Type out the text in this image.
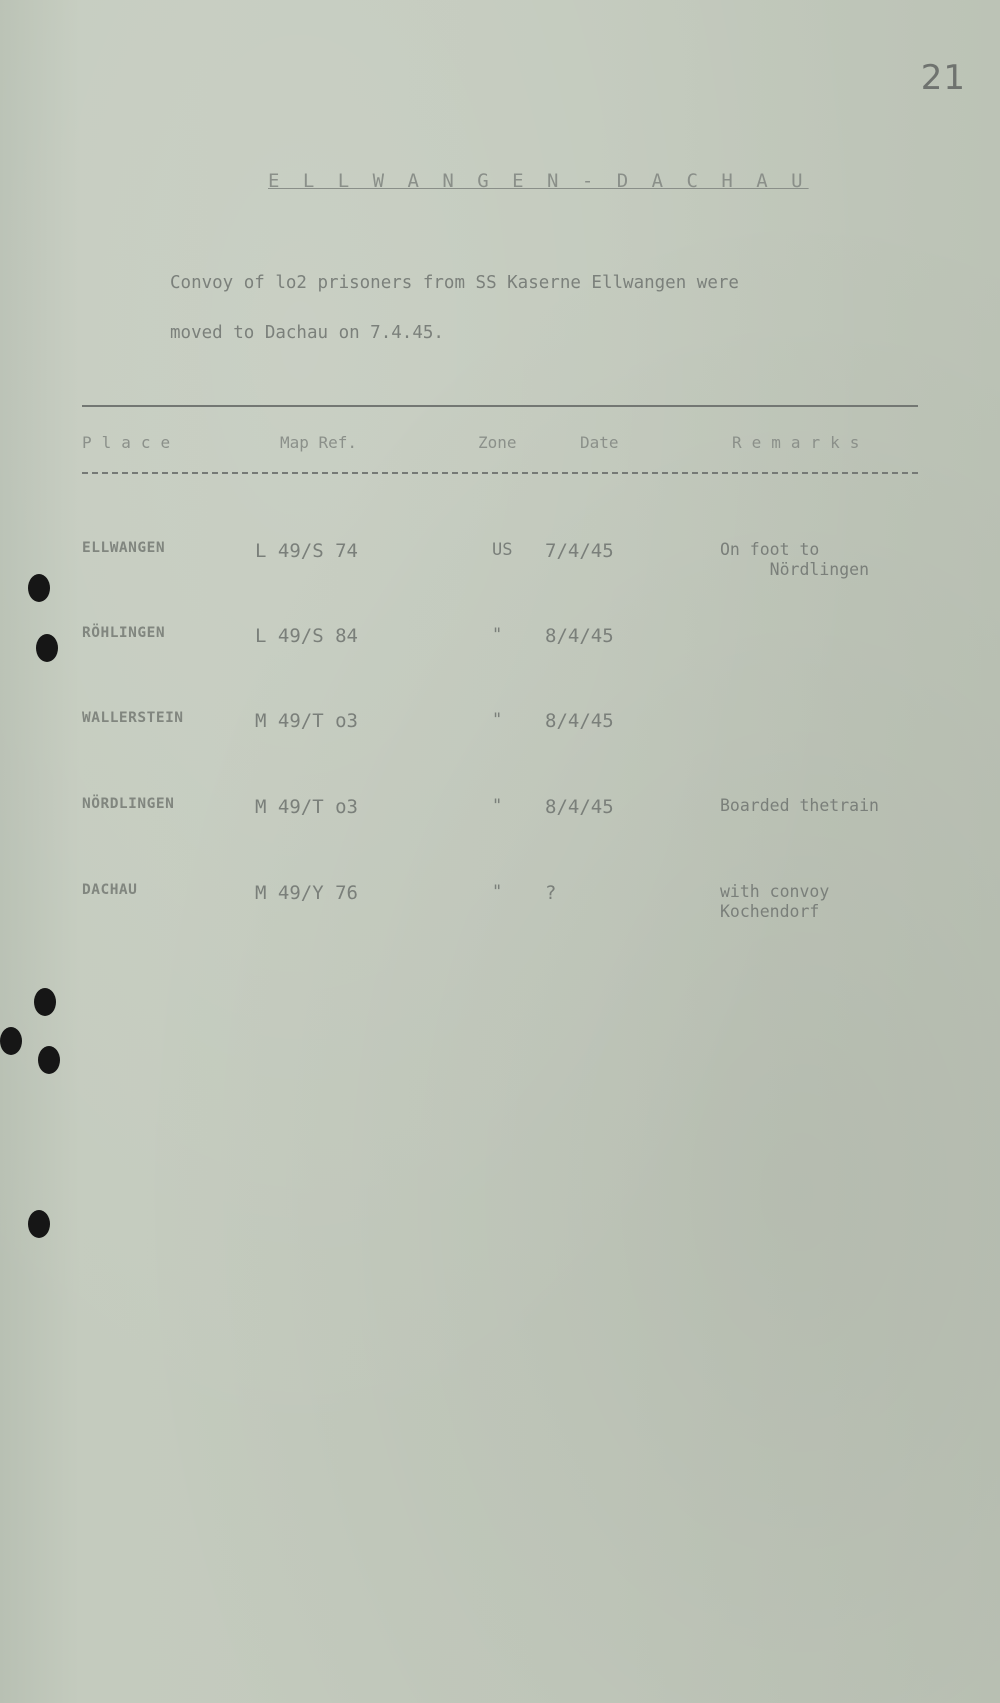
21
E L L W A N G E N - D A C H A U

Convoy of lo2 prisoners from SS Kaserne Ellwangen were

moved to Dachau on 7.4.45.

Place	Map Ref.	Zone	Date	Remarks
ELLWANGEN	L 49/S 74	US 7/4/45	On foot to
Nördlingen
RÖHLINGEN	L 49/S 84	" 8/4/45
WALLERSTEIN	M 49/T o3	" 8/4/45
NÖRDLINGEN	M 49/T o3	" 8/4/45	Boarded thetrain
DACHAU	M 49/Y 76	" ?	with convoy
Kochendorf
